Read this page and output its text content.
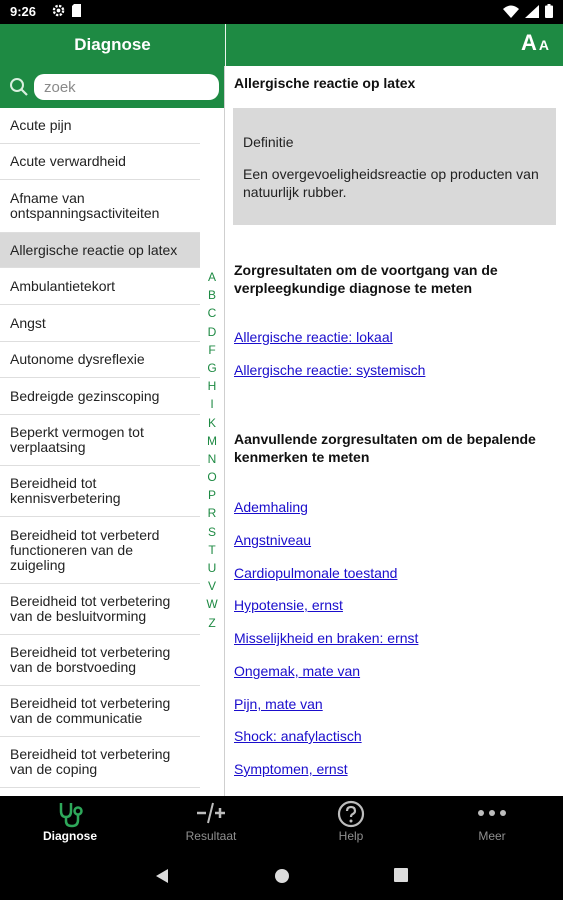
9:26
Diagnose	A A
zoek
Acute pijn
Acute verwardheid
Afname van ontspanningsactiviteiten
Allergische reactie op latex
Ambulantietekort
Angst
Autonome dysreflexie
Bedreigde gezinscoping
Beperkt vermogen tot verplaatsing
Bereidheid tot kennisverbetering
Bereidheid tot verbeterd functioneren van de zuigeling
Bereidheid tot verbetering van de besluitvorming
Bereidheid tot verbetering van de borstvoeding
Bereidheid tot verbetering van de communicatie
Bereidheid tot verbetering van de coping
A
B
C
D
F
G
H
I
K
M
N
O
P
R
S
T
U
V
W
Z
Allergische reactie op latex
Definitie
Een overgevoeligheidsreactie op producten van natuurlijk rubber.
Zorgresultaten om de voortgang van de verpleegkundige diagnose te meten
Allergische reactie: lokaal
Allergische reactie: systemisch
Aanvullende zorgresultaten om de bepalende kenmerken te meten
Ademhaling
Angstniveau
Cardiopulmonale toestand
Hypotensie, ernst
Misselijkheid en braken: ernst
Ongemak, mate van
Pijn, mate van
Shock: anafylactisch
Symptomen, ernst
Diagnose	Resultaat	Help	Meer
